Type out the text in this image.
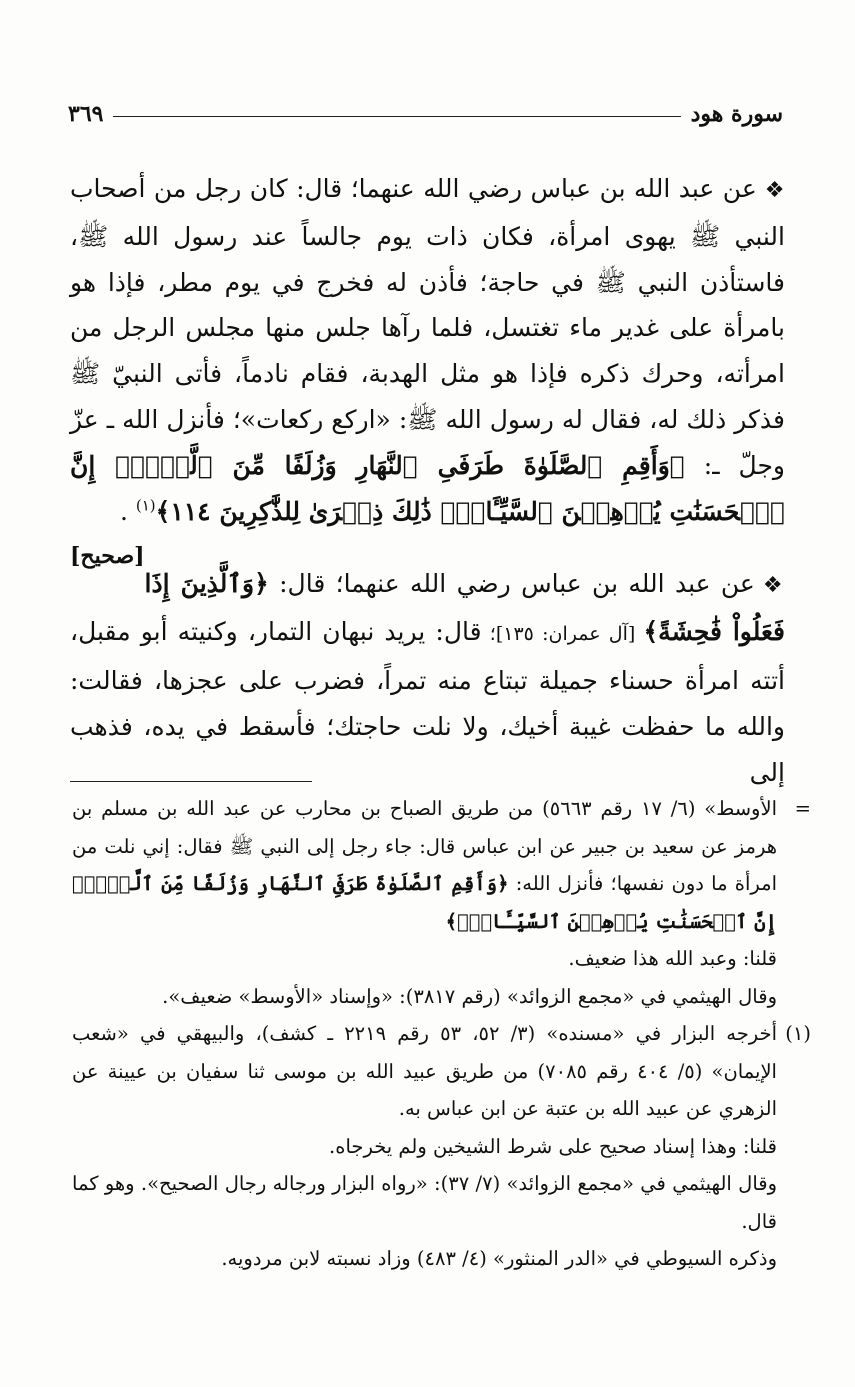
سورة هود
٣٦٩

❖عن عبد الله بن عباس رضي الله عنهما؛ قال: كان رجل من أصحاب النبي ﷺ يهوى امرأة، فكان ذات يوم جالساً عند رسول الله ﷺ، فاستأذن النبي ﷺ في حاجة؛ فأذن له فخرج في يوم مطر، فإذا هو بامرأة على غدير ماء تغتسل، فلما رآها جلس منها مجلس الرجل من امرأته، وحرك ذكره فإذا هو مثل الهدبة، فقام نادماً، فأتى النبيّ ﷺ فذكر ذلك له، فقال له رسول الله ﷺ: «اركع ركعات»؛ فأنزل الله ـ عزّ وجلّ ـ: ﴿وَأَقِمِ ٱلصَّلَوٰةَ طَرَفَىِ ٱلنَّهَارِ وَزُلَفًا مِّنَ ٱلَّيۡلِۚ إِنَّ ٱلۡحَسَنَٰتِ يُذۡهِبۡنَ ٱلسَّيِّـَٔاتِۚ ذَٰلِكَ ذِكۡرَىٰ لِلذَّٰكِرِينَ ١١٤﴾$^{(١)}$ .
[صحيح]

❖عن عبد الله بن عباس رضي الله عنهما؛ قال: ﴿وَٱلَّذِينَ إِذَا فَعَلُواْ فَٰحِشَةً﴾ [آل عمران: ١٣٥]؛ قال: يريد نبهان التمار، وكنيته أبو مقبل، أتته امرأة حسناء جميلة تبتاع منه تمراً، فضرب على عجزها، فقالت: والله ما حفظت غيبة أخيك، ولا نلت حاجتك؛ فأسقط في يده، فذهب إلى

=

الأوسط» (٦/ ١٧ رقم ٥٦٦٣) من طريق الصباح بن محارب عن عبد الله بن مسلم بن هرمز عن سعيد بن جبير عن ابن عباس قال: جاء رجل إلى النبي ﷺ فقال: إني نلت من امرأة ما دون نفسها؛ فأنزل الله: ﴿وَأَقِمِ ٱلصَّلَوٰةَ طَرَفَىِ ٱلنَّهَارِ وَزُلَفًا مِّنَ ٱلَّيۡلِۚ إِنَّ ٱلۡحَسَنَٰتِ يُذۡهِبۡنَ ٱلسَّيِّـَٔاتِۚ﴾

قلنا: وعبد الله هذا ضعيف.

وقال الهيثمي في «مجمع الزوائد» (رقم ٣٨١٧): «وإسناد «الأوسط» ضعيف».

(١)

أخرجه البزار في «مسنده» (٣/ ٥٢، ٥٣ رقم ٢٢١٩ ـ كشف)، والبيهقي في «شعب الإيمان» (٥/ ٤٠٤ رقم ٧٠٨٥) من طريق عبيد الله بن موسى ثنا سفيان بن عيينة عن الزهري عن عبيد الله بن عتبة عن ابن عباس به.

قلنا: وهذا إسناد صحيح على شرط الشيخين ولم يخرجاه.

وقال الهيثمي في «مجمع الزوائد» (٧/ ٣٧): «رواه البزار ورجاله رجال الصحيح». وهو كما قال.

وذكره السيوطي في «الدر المنثور» (٤/ ٤٨٣) وزاد نسبته لابن مردويه.
